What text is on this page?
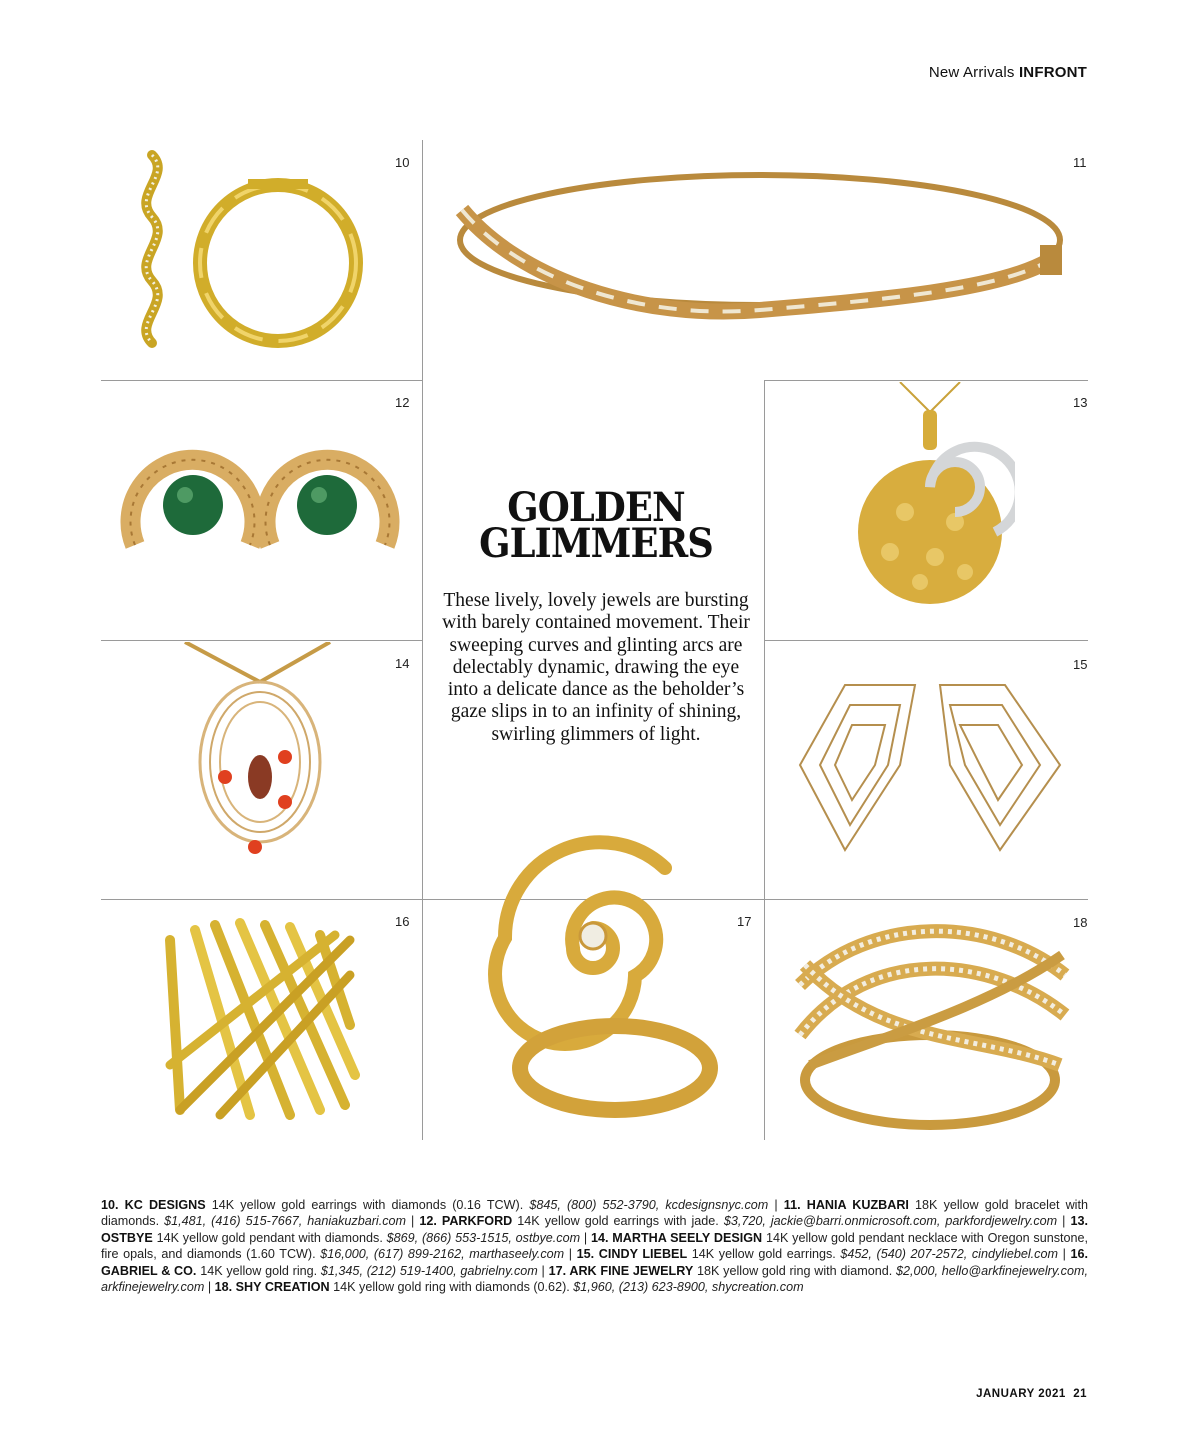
New Arrivals INFRONT
10	11
12	13
14	15
16	17	18
GOLDEN
GLIMMERS
These lively, lovely jewels are bursting with barely contained movement. Their sweeping curves and glinting arcs are delectably dynamic, drawing the eye into a delicate dance as the beholder’s gaze slips in to an infinity of shining, swirling glimmers of light.
10. KC DESIGNS 14K yellow gold earrings with diamonds (0.16 TCW). $845, (800) 552-3790, kcdesignsnyc.com | 11. HANIA KUZBARI 18K yellow gold bracelet with diamonds. $1,481, (416) 515-7667, haniakuzbari.com | 12. PARKFORD 14K yellow gold earrings with jade. $3,720, jackie@barri.onmicrosoft.com, parkfordjewelry.com | 13. OSTBYE 14K yellow gold pendant with diamonds. $869, (866) 553-1515, ostbye.com | 14. MARTHA SEELY DESIGN 14K yellow gold pendant necklace with Oregon sunstone, fire opals, and diamonds (1.60 TCW). $16,000, (617) 899-2162, marthaseely.com | 15. CINDY LIEBEL 14K yellow gold earrings. $452, (540) 207-2572, cindyliebel.com | 16. GABRIEL & CO. 14K yellow gold ring. $1,345, (212) 519-1400, gabrielny.com | 17. ARK FINE JEWELRY 18K yellow gold ring with diamond. $2,000, hello@arkfinejewelry.com, arkfinejewelry.com | 18. SHY CREATION 14K yellow gold ring with diamonds (0.62). $1,960, (213) 623-8900, shycreation.com
JANUARY 2021 21
